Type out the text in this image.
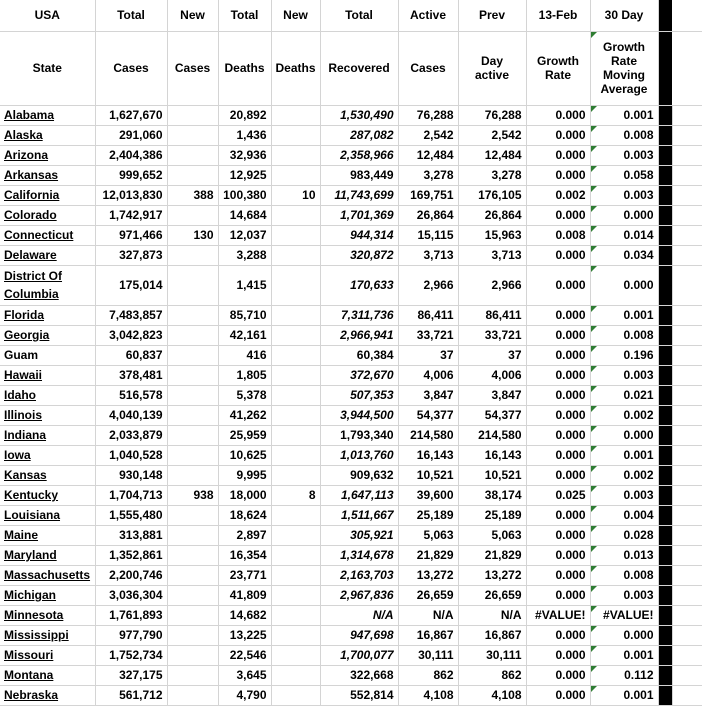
USA	Total	New	Total	New	Total	Active	Prev	13-Feb	30 Day		
State	Cases	Cases	Deaths	Deaths	Recovered	Cases	Day active	Growth Rate	Growth Rate Moving Average		
Alabama	1,627,670		20,892		1,530,490	76,288	76,288	0.000	0.001		
Alaska	291,060		1,436		287,082	2,542	2,542	0.000	0.008		
Arizona	2,404,386		32,936		2,358,966	12,484	12,484	0.000	0.003		
Arkansas	999,652		12,925		983,449	3,278	3,278	0.000	0.058		
California	12,013,830	388	100,380	10	11,743,699	169,751	176,105	0.002	0.003		
Colorado	1,742,917		14,684		1,701,369	26,864	26,864	0.000	0.000		
Connecticut	971,466	130	12,037		944,314	15,115	15,963	0.008	0.014		
Delaware	327,873		3,288		320,872	3,713	3,713	0.000	0.034		
District Of Columbia	175,014		1,415		170,633	2,966	2,966	0.000	0.000		
Florida	7,483,857		85,710		7,311,736	86,411	86,411	0.000	0.001		
Georgia	3,042,823		42,161		2,966,941	33,721	33,721	0.000	0.008		
Guam	60,837		416		60,384	37	37	0.000	0.196		
Hawaii	378,481		1,805		372,670	4,006	4,006	0.000	0.003		
Idaho	516,578		5,378		507,353	3,847	3,847	0.000	0.021		
Illinois	4,040,139		41,262		3,944,500	54,377	54,377	0.000	0.002		
Indiana	2,033,879		25,959		1,793,340	214,580	214,580	0.000	0.000		
Iowa	1,040,528		10,625		1,013,760	16,143	16,143	0.000	0.001		
Kansas	930,148		9,995		909,632	10,521	10,521	0.000	0.002		
Kentucky	1,704,713	938	18,000	8	1,647,113	39,600	38,174	0.025	0.003		
Louisiana	1,555,480		18,624		1,511,667	25,189	25,189	0.000	0.004		
Maine	313,881		2,897		305,921	5,063	5,063	0.000	0.028		
Maryland	1,352,861		16,354		1,314,678	21,829	21,829	0.000	0.013		
Massachusetts	2,200,746		23,771		2,163,703	13,272	13,272	0.000	0.008		
Michigan	3,036,304		41,809		2,967,836	26,659	26,659	0.000	0.003		
Minnesota	1,761,893		14,682		N/A	N/A	N/A	#VALUE!	#VALUE!		
Mississippi	977,790		13,225		947,698	16,867	16,867	0.000	0.000		
Missouri	1,752,734		22,546		1,700,077	30,111	30,111	0.000	0.001		
Montana	327,175		3,645		322,668	862	862	0.000	0.112		
Nebraska	561,712		4,790		552,814	4,108	4,108	0.000	0.001		
